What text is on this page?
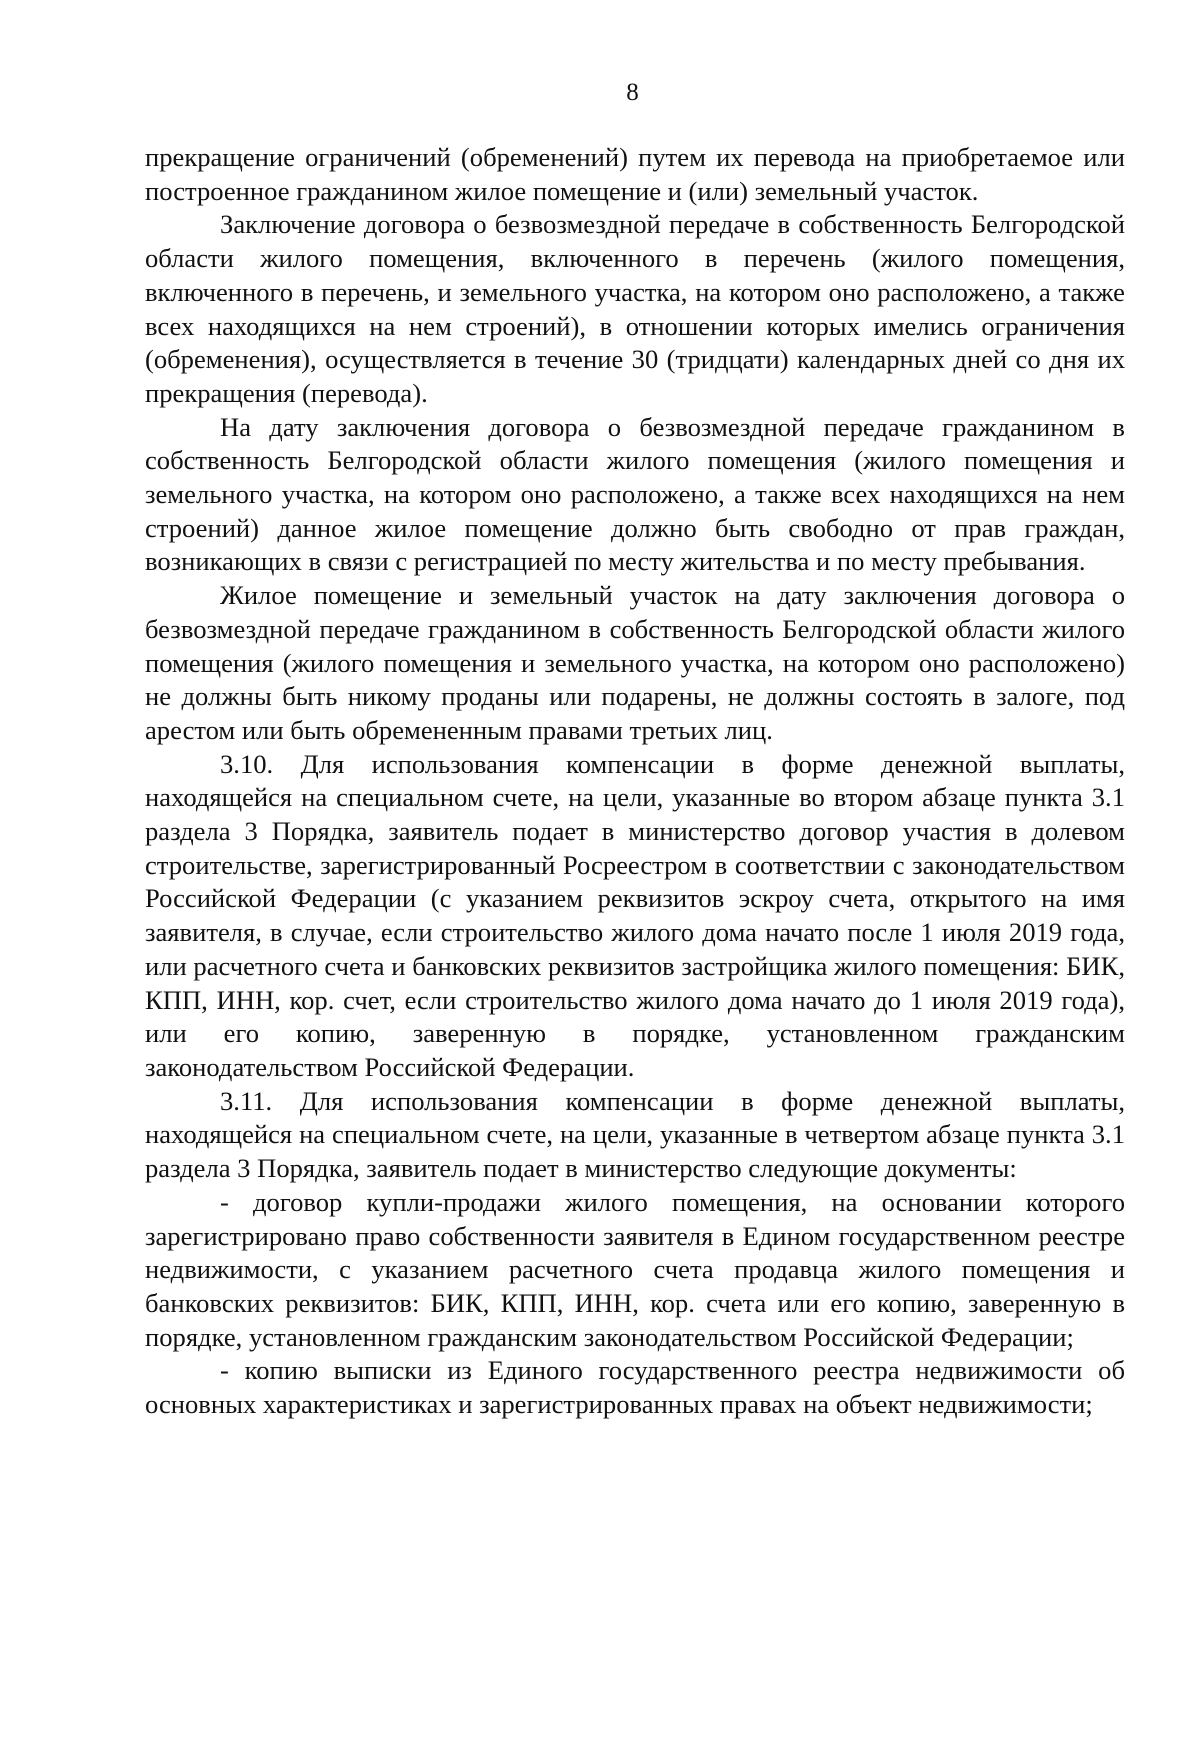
8

прекращение ограничений (обременений) путем их перевода на приобретаемое или построенное гражданином жилое помещение и (или) земельный участок.

Заключение договора о безвозмездной передаче в собственность Белгородской области жилого помещения, включенного в перечень (жилого помещения, включенного в перечень, и земельного участка, на котором оно расположено, а также всех находящихся на нем строений), в отношении которых имелись ограничения (обременения), осуществляется в течение 30 (тридцати) календарных дней со дня их прекращения (перевода).

На дату заключения договора о безвозмездной передаче гражданином в собственность Белгородской области жилого помещения (жилого помещения и земельного участка, на котором оно расположено, а также всех находящихся на нем строений) данное жилое помещение должно быть свободно от прав граждан, возникающих в связи с регистрацией по месту жительства и по месту пребывания.

Жилое помещение и земельный участок на дату заключения договора о безвозмездной передаче гражданином в собственность Белгородской области жилого помещения (жилого помещения и земельного участка, на котором оно расположено) не должны быть никому проданы или подарены, не должны состоять в залоге, под арестом или быть обремененным правами третьих лиц.

3.10. Для использования компенсации в форме денежной выплаты, находящейся на специальном счете, на цели, указанные во втором абзаце пункта 3.1 раздела 3 Порядка, заявитель подает в министерство договор участия в долевом строительстве, зарегистрированный Росреестром в соответствии с законодательством Российской Федерации (с указанием реквизитов эскроу счета, открытого на имя заявителя, в случае, если строительство жилого дома начато после 1 июля 2019 года, или расчетного счета и банковских реквизитов застройщика жилого помещения: БИК, КПП, ИНН, кор. счет, если строительство жилого дома начато до 1 июля 2019 года), или его копию, заверенную в порядке, установленном гражданским законодательством Российской Федерации.

3.11. Для использования компенсации в форме денежной выплаты, находящейся на специальном счете, на цели, указанные в четвертом абзаце пункта 3.1 раздела 3 Порядка, заявитель подает в министерство следующие документы:

- договор купли-продажи жилого помещения, на основании которого зарегистрировано право собственности заявителя в Едином государственном реестре недвижимости, с указанием расчетного счета продавца жилого помещения и банковских реквизитов: БИК, КПП, ИНН, кор. счета или его копию, заверенную в порядке, установленном гражданским законодательством Российской Федерации;

- копию выписки из Единого государственного реестра недвижимости об основных характеристиках и зарегистрированных правах на объект недвижимости;
